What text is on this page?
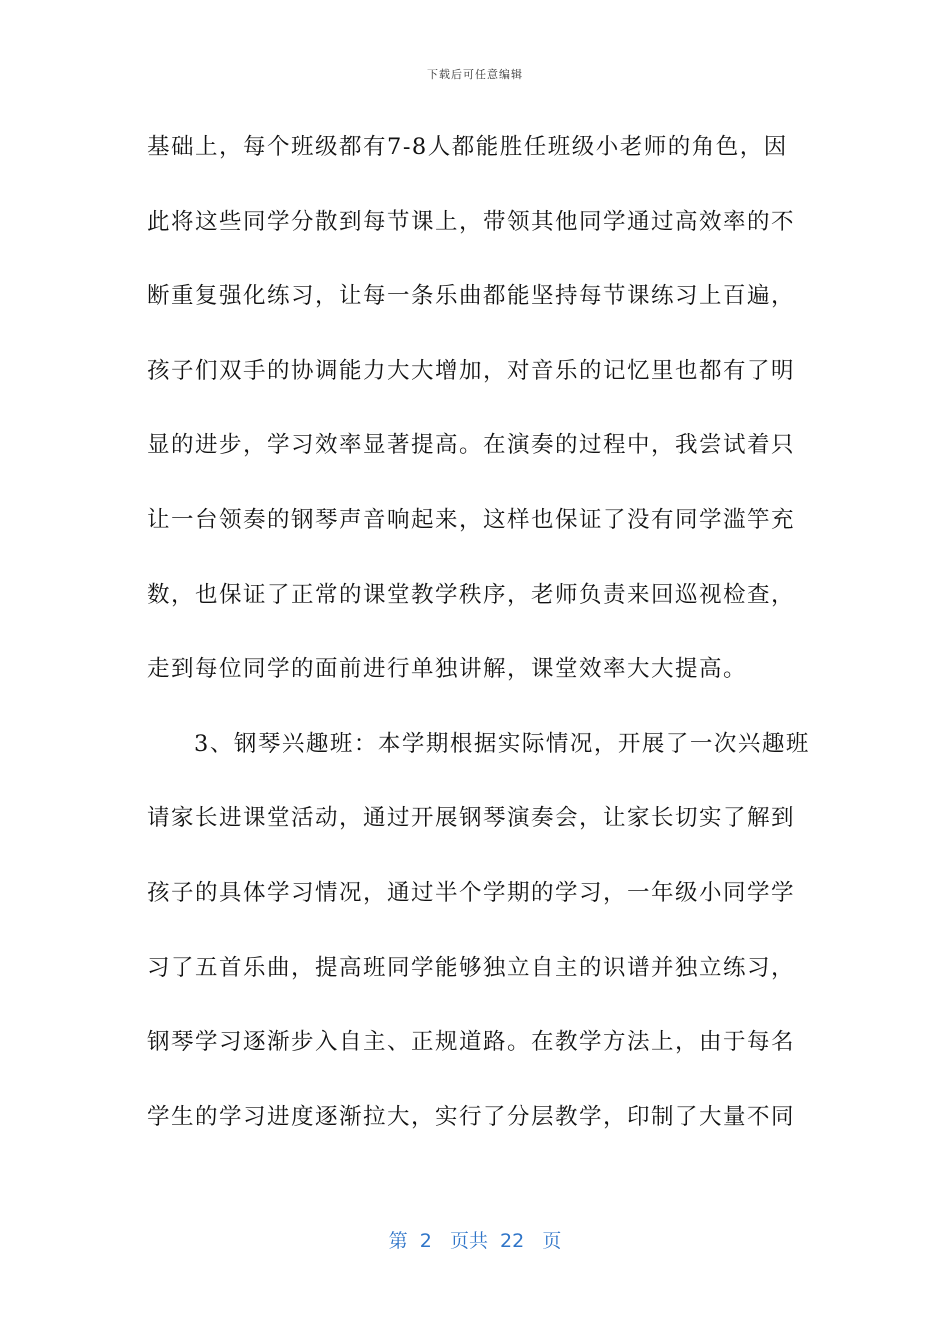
下载后可任意编辑
基础上，每个班级都有7-8人都能胜任班级小老师的角色，因
此将这些同学分散到每节课上，带领其他同学通过高效率的不
断重复强化练习，让每一条乐曲都能坚持每节课练习上百遍，
孩子们双手的协调能力大大增加，对音乐的记忆里也都有了明
显的进步，学习效率显著提高。在演奏的过程中，我尝试着只
让一台领奏的钢琴声音响起来，这样也保证了没有同学滥竽充
数，也保证了正常的课堂教学秩序，老师负责来回巡视检查，
走到每位同学的面前进行单独讲解，课堂效率大大提高。
3、钢琴兴趣班：本学期根据实际情况，开展了一次兴趣班
请家长进课堂活动，通过开展钢琴演奏会，让家长切实了解到
孩子的具体学习情况，通过半个学期的学习，一年级小同学学
习了五首乐曲，提高班同学能够独立自主的识谱并独立练习，
钢琴学习逐渐步入自主、正规道路。在教学方法上，由于每名
学生的学习进度逐渐拉大，实行了分层教学，印制了大量不同
第  2   页共  22   页
